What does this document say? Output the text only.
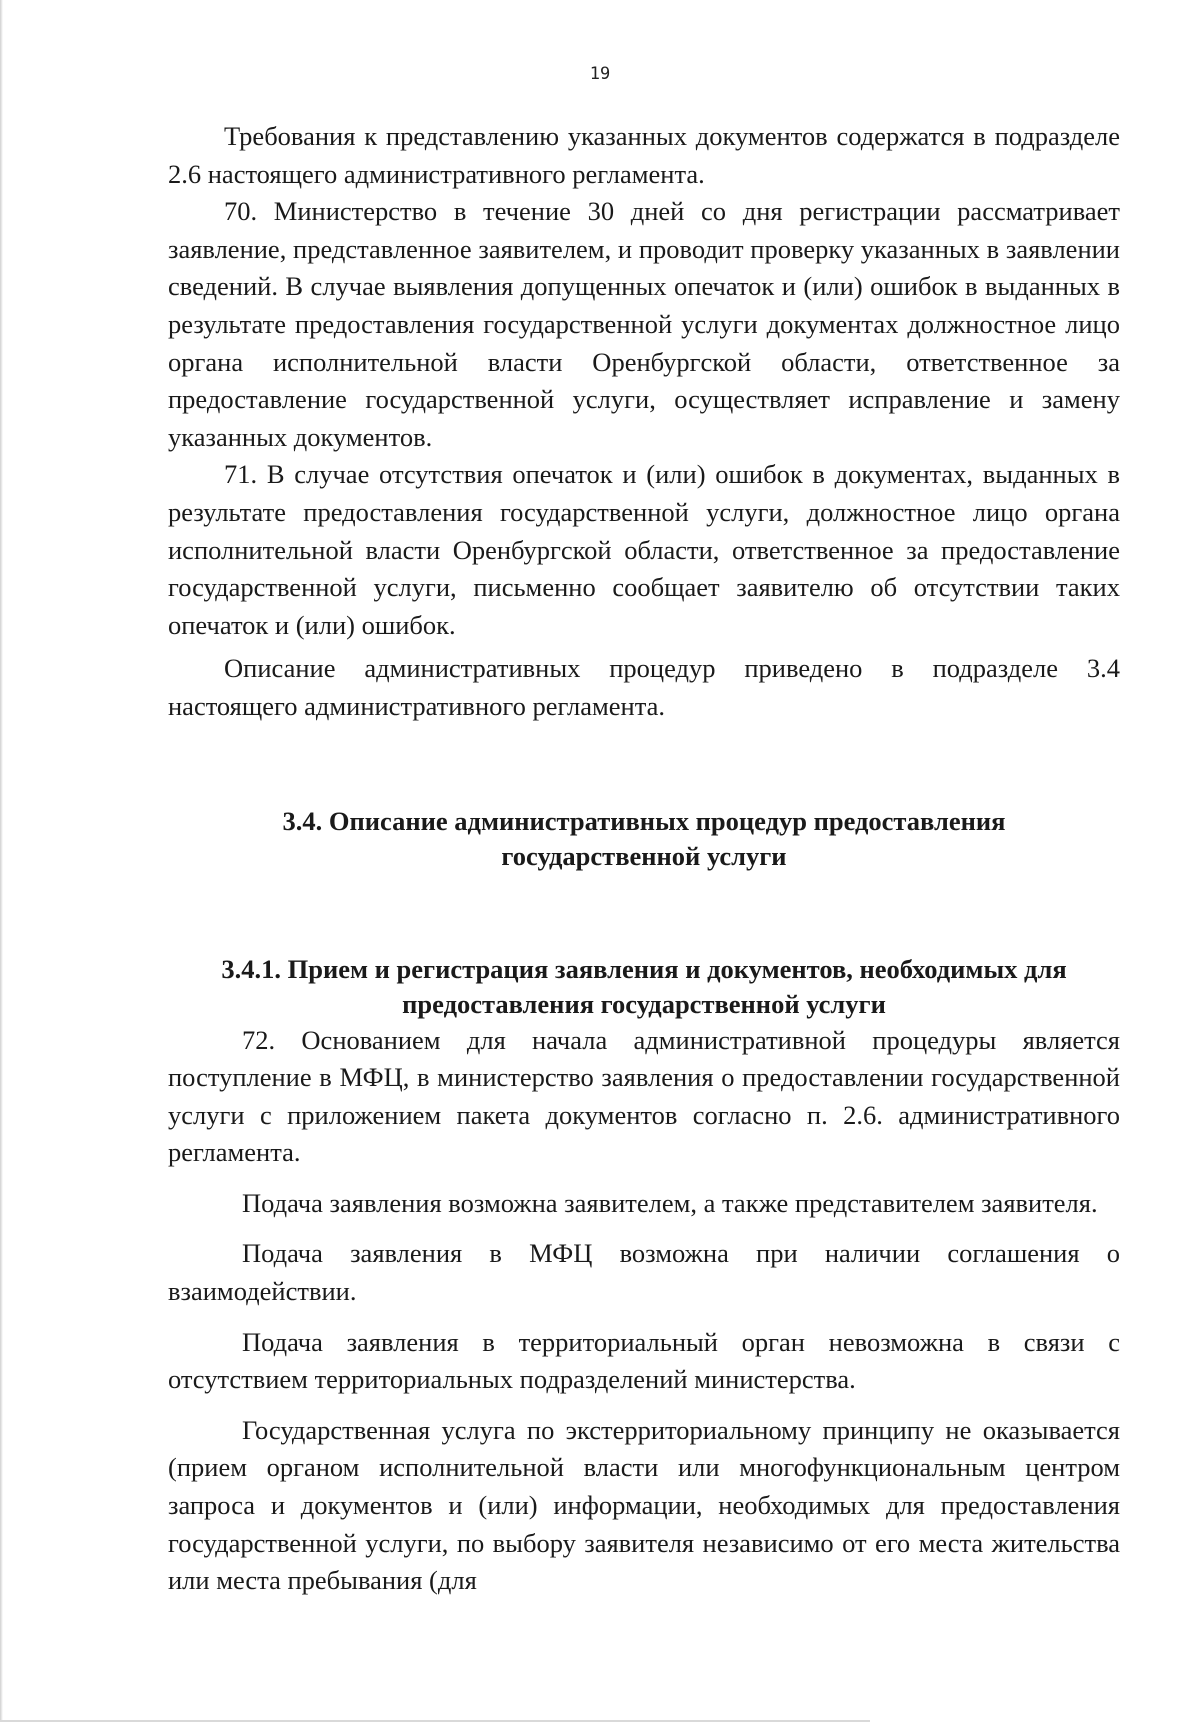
19

Требования к представлению указанных документов содержатся в подразделе 2.6 настоящего административного регламента.

70. Министерство в течение 30 дней со дня регистрации рассматривает заявление, представленное заявителем, и проводит проверку указанных в заявлении сведений. В случае выявления допущенных опечаток и (или) ошибок в выданных в результате предоставления государственной услуги документах должностное лицо органа исполнительной власти Оренбургской области, ответственное за предоставление государственной услуги, осуществляет исправление и замену указанных документов.

71. В случае отсутствия опечаток и (или) ошибок в документах, выданных в результате предоставления государственной услуги, должностное лицо органа исполнительной власти Оренбургской области, ответственное за предоставление государственной услуги, письменно сообщает заявителю об отсутствии таких опечаток и (или) ошибок.

Описание административных процедур приведено в подразделе 3.4 настоящего административного регламента.

3.4. Описание административных процедур предоставления
государственной услуги
3.4.1. Прием и регистрация заявления и документов, необходимых для
предоставления государственной услуги

72. Основанием для начала административной процедуры является поступление в МФЦ, в министерство заявления о предоставлении государственной услуги с приложением пакета документов согласно п. 2.6. административного регламента.

Подача заявления возможна заявителем, а также представителем заявителя.

Подача заявления в МФЦ возможна при наличии соглашения о взаимодействии.

Подача заявления в территориальный орган невозможна в связи с отсутствием территориальных подразделений министерства.

Государственная услуга по экстерриториальному принципу не оказывается (прием органом исполнительной власти или многофункциональным центром запроса и документов и (или) информации, необходимых для предоставления государственной услуги, по выбору заявителя независимо от его места жительства или места пребывания (для
